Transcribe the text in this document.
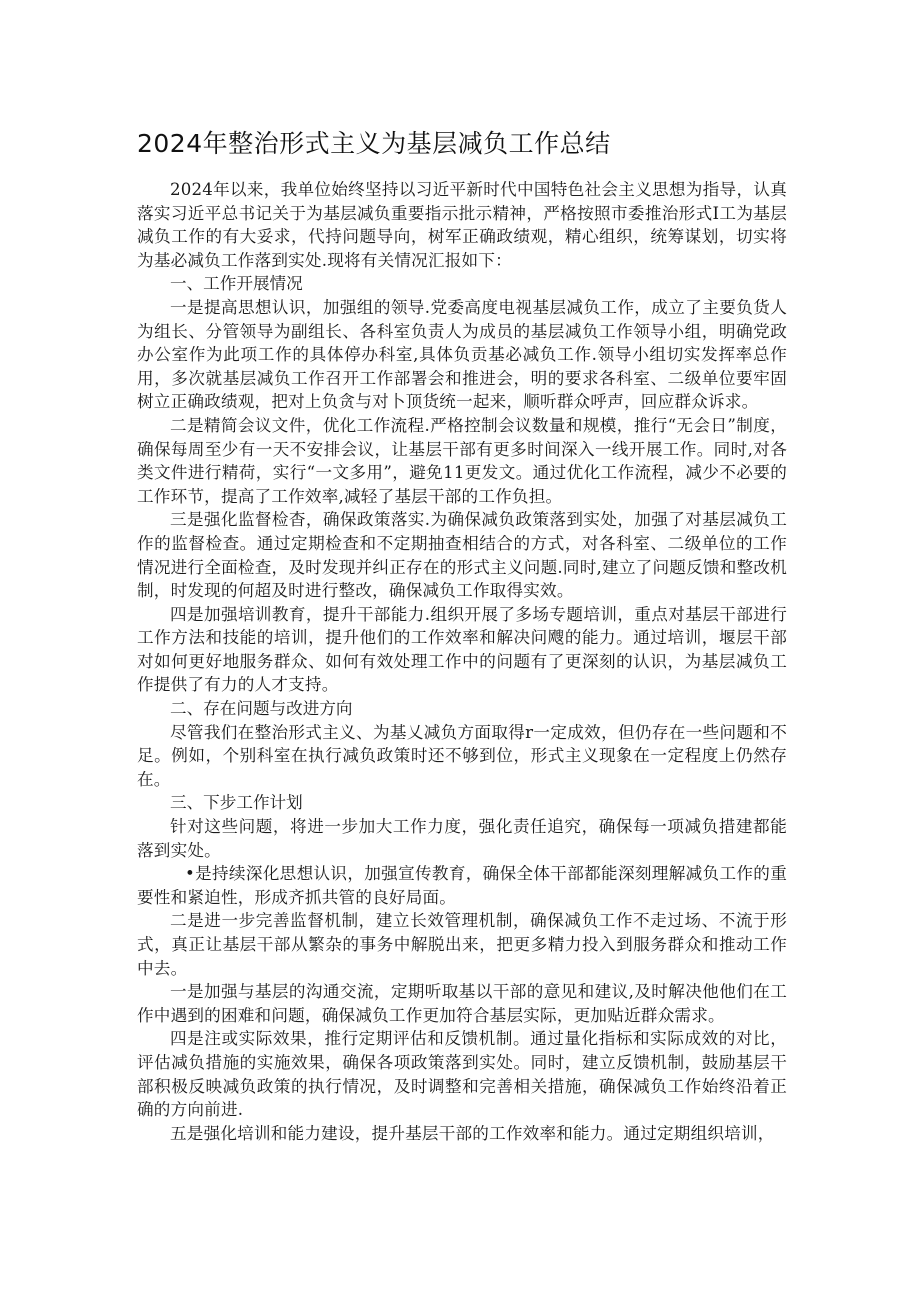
2024年整治形式主义为基层减负工作总结

2024年以来，我单位始终坚持以习近平新时代中国特色社会主义思想为指导，认真落实习近平总书记关于为基层减负重要指示批示精神，严格按照市委推治形式I工为基层减负工作的有大妥求，代持问题导向，树军正确政绩观，精心组织，统筹谋划，切实将为基必减负工作落到实处.现将有关情况汇报如下：

一、工作开展情况

一是提高思想认识，加强组的领导.党委高度电视基层减负工作，成立了主要负货人为组长、分管领导为副组长、各科室负责人为成员的基层减负工作领导小组，明确党政办公室作为此项工作的具体停办科室,具体负贡基必减负工作.领导小组切实发挥率总作用，多次就基层减负工作召开工作部署会和推进会，明的要求各科室、二级单位要牢固树立正确政绩观，把对上负贪与对卜顶货统一起来，顺听群众呼声，回应群众诉求。

二是精简会议文件，优化工作流程.严格控制会议数量和规模，推行“无会日”制度，确保每周至少有一天不安排会议，让基层干部有更多时间深入一线开展工作。同时,对各类文件进行精荷，实行“一文多用”，避免11更发文。通过优化工作流程，减少不必要的工作环节，提高了工作效率,减轻了基层干部的工作负担。

三是强化监督检杳，确保政策落实.为确保减负政策落到实处，加强了对基层减负工作的监督检查。通过定期检查和不定期抽查相结合的方式，对各科室、二级单位的工作情况进行全面检查，及时发现并纠正存在的形式主义问题.同时,建立了问题反馈和整改机制，时发现的何超及时进行整改，确保减负工作取得实效。

四是加强培训教育，提升干部能力.组织开展了多场专题培训，重点对基层干部进行工作方法和技能的培训，提升他们的工作效率和解决问飕的能力。通过培训，堰层干部对如何更好地服务群众、如何有效处理工作中的问题有了更深刻的认识，为基层减负工作提供了有力的人才支持。

二、存在问题与改进方向

尽管我们在整治形式主义、为基乂减负方面取得r一定成效，但仍存在一些问题和不足。例如，个别科室在执行减负政策时还不够到位，形式主义现象在一定程度上仍然存在。

三、下步工作计划

针对这些问题，将进一步加大工作力度，强化责任追究，确保每一项减负措建都能落到实处。

•是持续深化思想认识，加强宣传教育，确保全体干部都能深刻理解减负工作的重要性和紧迫性，形成齐抓共管的良好局面。

二是进一步完善监督机制，建立长效管理机制，确保减负工作不走过场、不流于形式，真正让基层干部从繁杂的事务中解脱出来，把更多精力投入到服务群众和推动工作中去。

一是加强与基层的沟通交流，定期听取基以干部的意见和建议,及时解决他他们在工作中遇到的困难和问题，确保减负工作更加符合基层实际，更加贴近群众需求。

四是注或实际效果，推行定期评估和反馈机制。通过量化指标和实际成效的对比，评估减负措施的实施效果，确保各项政策落到实处。同时，建立反馈机制，鼓励基层干部积极反映减负政策的执行情况，及时调整和完善相关措施，确保减负工作始终沿着正确的方向前进.

五是强化培训和能力建设，提升基层干部的工作效率和能力。通过定期组织培训，
